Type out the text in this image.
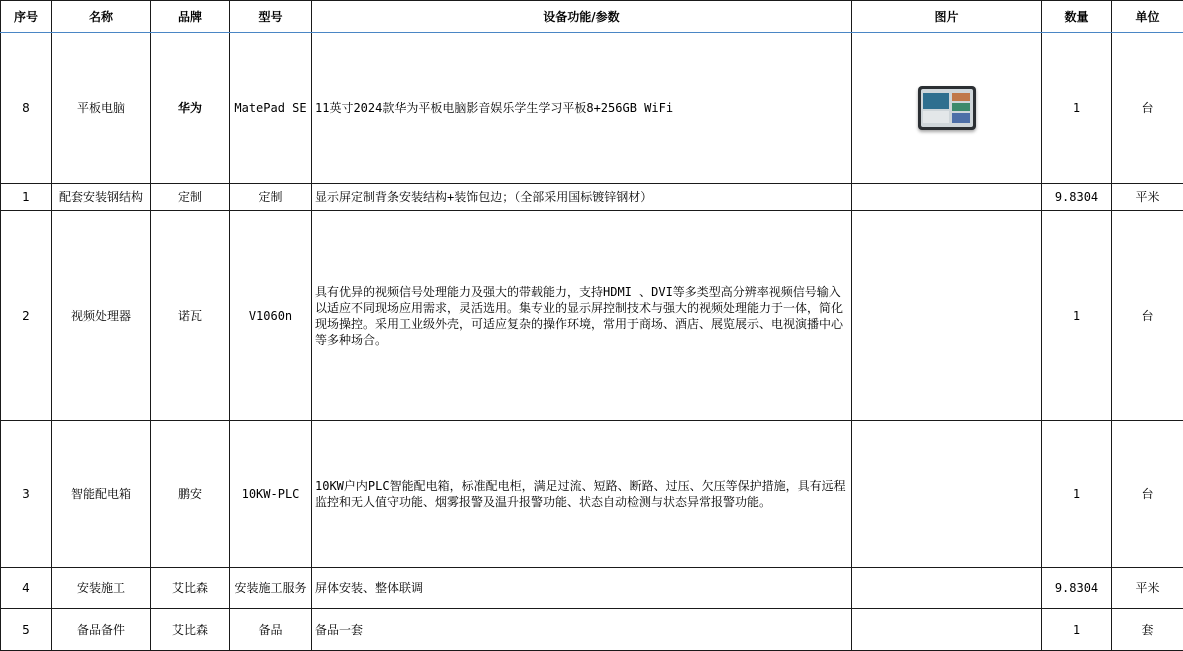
序号	名称	品牌	型号	设备功能/参数	图片	数量	单位
8	平板电脑	华为	MatePad SE	11英寸2024款华为平板电脑影音娱乐学生学习平板8+256GB WiFi		1	台
1	配套安装钢结构	定制	定制	显示屏定制背条安装结构+装饰包边；（全部采用国标镀锌钢材）		9.8304	平米
2	视频处理器	诺瓦	V1060n	具有优异的视频信号处理能力及强大的带载能力，支持HDMI 、DVI等多类型高分辨率视频信号输入以适应不同现场应用需求，灵活选用。集专业的显示屏控制技术与强大的视频处理能力于一体，简化现场操控。采用工业级外壳，可适应复杂的操作环境，常用于商场、酒店、展览展示、电视演播中心等多种场合。		1	台
3	智能配电箱	鹏安	10KW-PLC	10KW户内PLC智能配电箱，标准配电柜，满足过流、短路、断路、过压、欠压等保护措施，具有远程监控和无人值守功能、烟雾报警及温升报警功能、状态自动检测与状态异常报警功能。		1	台
4	安装施工	艾比森	安装施工服务	屏体安装、整体联调		9.8304	平米
5	备品备件	艾比森	备品	备品一套		1	套
